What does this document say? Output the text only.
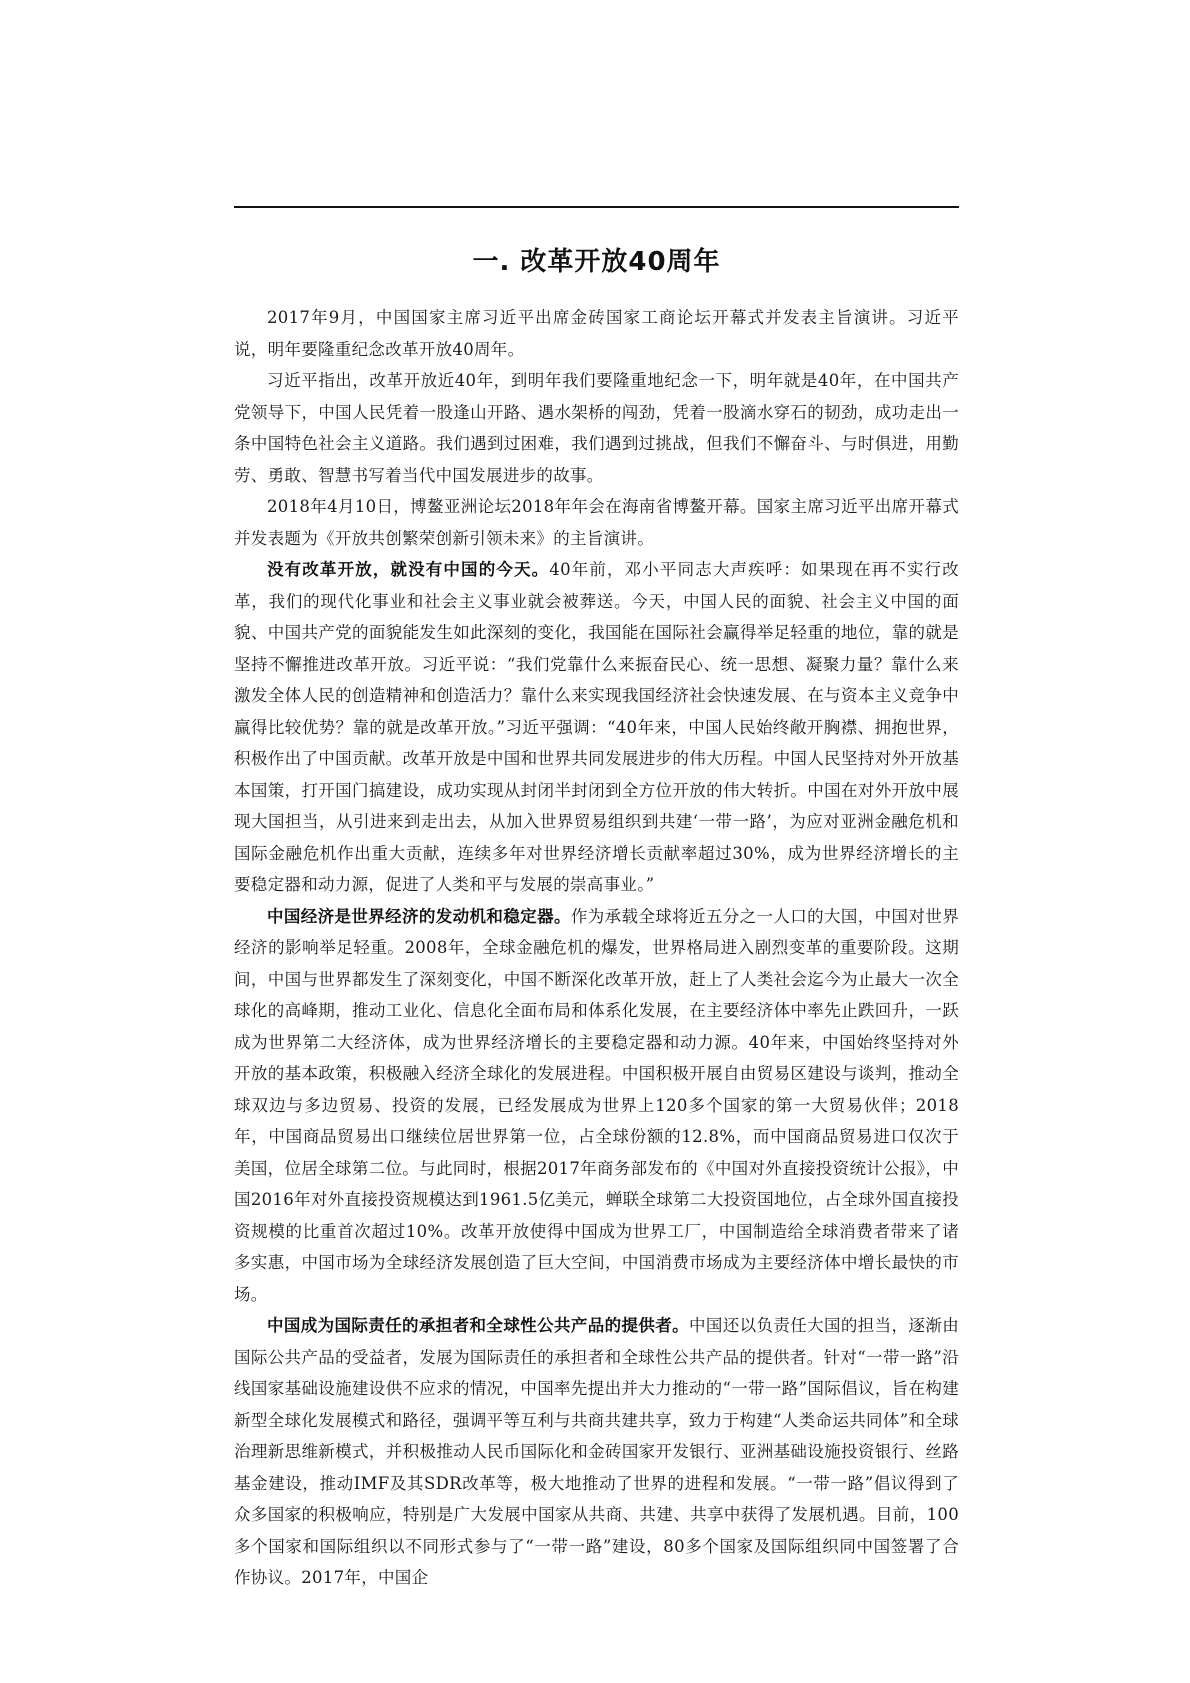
一. 改革开放40周年

2017年9月，中国国家主席习近平出席金砖国家工商论坛开幕式并发表主旨演讲。习近平说，明年要隆重纪念改革开放40周年。

习近平指出，改革开放近40年，到明年我们要隆重地纪念一下，明年就是40年，在中国共产党领导下，中国人民凭着一股逢山开路、遇水架桥的闯劲，凭着一股滴水穿石的韧劲，成功走出一条中国特色社会主义道路。我们遇到过困难，我们遇到过挑战，但我们不懈奋斗、与时俱进，用勤劳、勇敢、智慧书写着当代中国发展进步的故事。

2018年4月10日，博鳌亚洲论坛2018年年会在海南省博鳌开幕。国家主席习近平出席开幕式并发表题为《开放共创繁荣创新引领未来》的主旨演讲。

没有改革开放，就没有中国的今天。40年前，邓小平同志大声疾呼：如果现在再不实行改革，我们的现代化事业和社会主义事业就会被葬送。今天，中国人民的面貌、社会主义中国的面貌、中国共产党的面貌能发生如此深刻的变化，我国能在国际社会赢得举足轻重的地位，靠的就是坚持不懈推进改革开放。习近平说：“我们党靠什么来振奋民心、统一思想、凝聚力量？靠什么来激发全体人民的创造精神和创造活力？靠什么来实现我国经济社会快速发展、在与资本主义竞争中赢得比较优势？靠的就是改革开放。”习近平强调：“40年来，中国人民始终敞开胸襟、拥抱世界，积极作出了中国贡献。改革开放是中国和世界共同发展进步的伟大历程。中国人民坚持对外开放基本国策，打开国门搞建设，成功实现从封闭半封闭到全方位开放的伟大转折。中国在对外开放中展现大国担当，从引进来到走出去，从加入世界贸易组织到共建‘一带一路’，为应对亚洲金融危机和国际金融危机作出重大贡献，连续多年对世界经济增长贡献率超过30%，成为世界经济增长的主要稳定器和动力源，促进了人类和平与发展的崇高事业。”

中国经济是世界经济的发动机和稳定器。作为承载全球将近五分之一人口的大国，中国对世界经济的影响举足轻重。2008年，全球金融危机的爆发，世界格局进入剧烈变革的重要阶段。这期间，中国与世界都发生了深刻变化，中国不断深化改革开放，赶上了人类社会迄今为止最大一次全球化的高峰期，推动工业化、信息化全面布局和体系化发展，在主要经济体中率先止跌回升，一跃成为世界第二大经济体，成为世界经济增长的主要稳定器和动力源。40年来，中国始终坚持对外开放的基本政策，积极融入经济全球化的发展进程。中国积极开展自由贸易区建设与谈判，推动全球双边与多边贸易、投资的发展，已经发展成为世界上120多个国家的第一大贸易伙伴；2018年，中国商品贸易出口继续位居世界第一位，占全球份额的12.8%，而中国商品贸易进口仅次于美国，位居全球第二位。与此同时，根据2017年商务部发布的《中国对外直接投资统计公报》，中国2016年对外直接投资规模达到1961.5亿美元，蝉联全球第二大投资国地位，占全球外国直接投资规模的比重首次超过10%。改革开放使得中国成为世界工厂，中国制造给全球消费者带来了诸多实惠，中国市场为全球经济发展创造了巨大空间，中国消费市场成为主要经济体中增长最快的市场。

中国成为国际责任的承担者和全球性公共产品的提供者。中国还以负责任大国的担当，逐渐由国际公共产品的受益者，发展为国际责任的承担者和全球性公共产品的提供者。针对“一带一路”沿线国家基础设施建设供不应求的情况，中国率先提出并大力推动的“一带一路”国际倡议，旨在构建新型全球化发展模式和路径，强调平等互利与共商共建共享，致力于构建“人类命运共同体”和全球治理新思维新模式，并积极推动人民币国际化和金砖国家开发银行、亚洲基础设施投资银行、丝路基金建设，推动IMF及其SDR改革等，极大地推动了世界的进程和发展。“一带一路”倡议得到了众多国家的积极响应，特别是广大发展中国家从共商、共建、共享中获得了发展机遇。目前，100多个国家和国际组织以不同形式参与了“一带一路”建设，80多个国家及国际组织同中国签署了合作协议。2017年，中国企
